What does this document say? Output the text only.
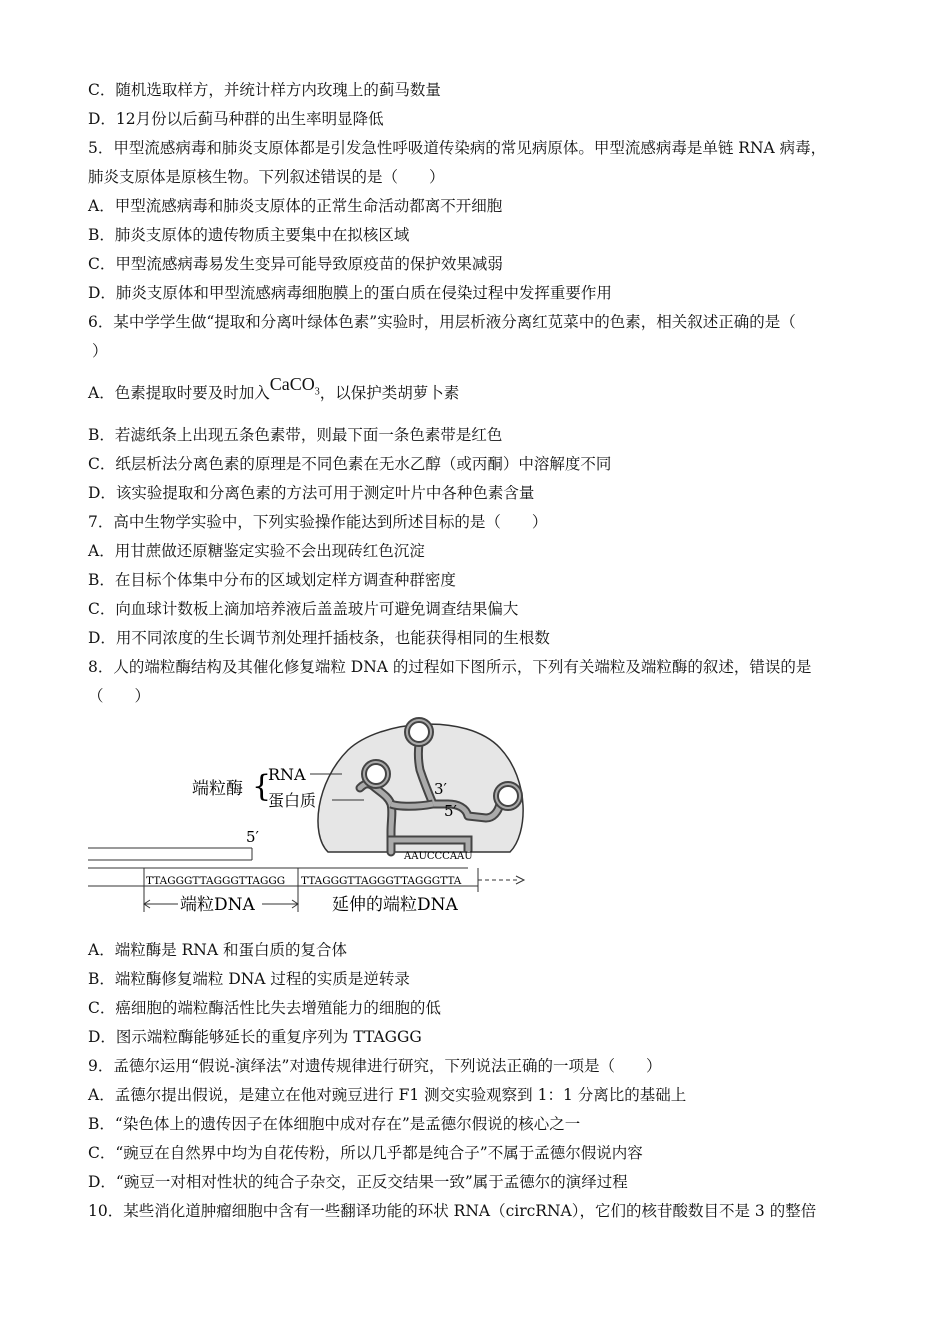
C．随机选取样方，并统计样方内玫瑰上的蓟马数量
D．12月份以后蓟马种群的出生率明显降低
5．甲型流感病毒和肺炎支原体都是引发急性呼吸道传染病的常见病原体。甲型流感病毒是单链 RNA 病毒，
肺炎支原体是原核生物。下列叙述错误的是（　　）
A．甲型流感病毒和肺炎支原体的正常生命活动都离不开细胞
B．肺炎支原体的遗传物质主要集中在拟核区域
C．甲型流感病毒易发生变异可能导致原疫苗的保护效果减弱
D．肺炎支原体和甲型流感病毒细胞膜上的蛋白质在侵染过程中发挥重要作用
6．某中学学生做“提取和分离叶绿体色素”实验时，用层析液分离红苋菜中的色素，相关叙述正确的是（
）
A．色素提取时要及时加入CaCO$_3$，以保护类胡萝卜素
B．若滤纸条上出现五条色素带，则最下面一条色素带是红色
C．纸层析法分离色素的原理是不同色素在无水乙醇（或丙酮）中溶解度不同
D．该实验提取和分离色素的方法可用于测定叶片中各种色素含量
7．高中生物学实验中，下列实验操作能达到所述目标的是（　　）
A．用甘蔗做还原糖鉴定实验不会出现砖红色沉淀
B．在目标个体集中分布的区域划定样方调查种群密度
C．向血球计数板上滴加培养液后盖盖玻片可避免调查结果偏大
D．用不同浓度的生长调节剂处理扦插枝条，也能获得相同的生根数
8．人的端粒酶结构及其催化修复端粒 DNA 的过程如下图所示，下列有关端粒及端粒酶的叙述，错误的是
（　　）
3′
5′
AAUCCCAAU
端粒酶 {
RNA
蛋白质
5′
TTAGGGTTAGGGTTAGGG TTAGGGTTAGGGTTAGGGTTA
端粒DNA	延伸的端粒DNA
A．端粒酶是 RNA 和蛋白质的复合体
B．端粒酶修复端粒 DNA 过程的实质是逆转录
C．癌细胞的端粒酶活性比失去增殖能力的细胞的低
D．图示端粒酶能够延长的重复序列为 TTAGGG
9．孟德尔运用“假说-演绎法”对遗传规律进行研究，下列说法正确的一项是（　　）
A．孟德尔提出假说，是建立在他对豌豆进行 F1 测交实验观察到 1：1 分离比的基础上
B．“染色体上的遗传因子在体细胞中成对存在”是孟德尔假说的核心之一
C．“豌豆在自然界中均为自花传粉，所以几乎都是纯合子”不属于孟德尔假说内容
D．“豌豆一对相对性状的纯合子杂交，正反交结果一致”属于孟德尔的演绎过程
10．某些消化道肿瘤细胞中含有一些翻译功能的环状 RNA（circRNA），它们的核苷酸数目不是 3 的整倍
